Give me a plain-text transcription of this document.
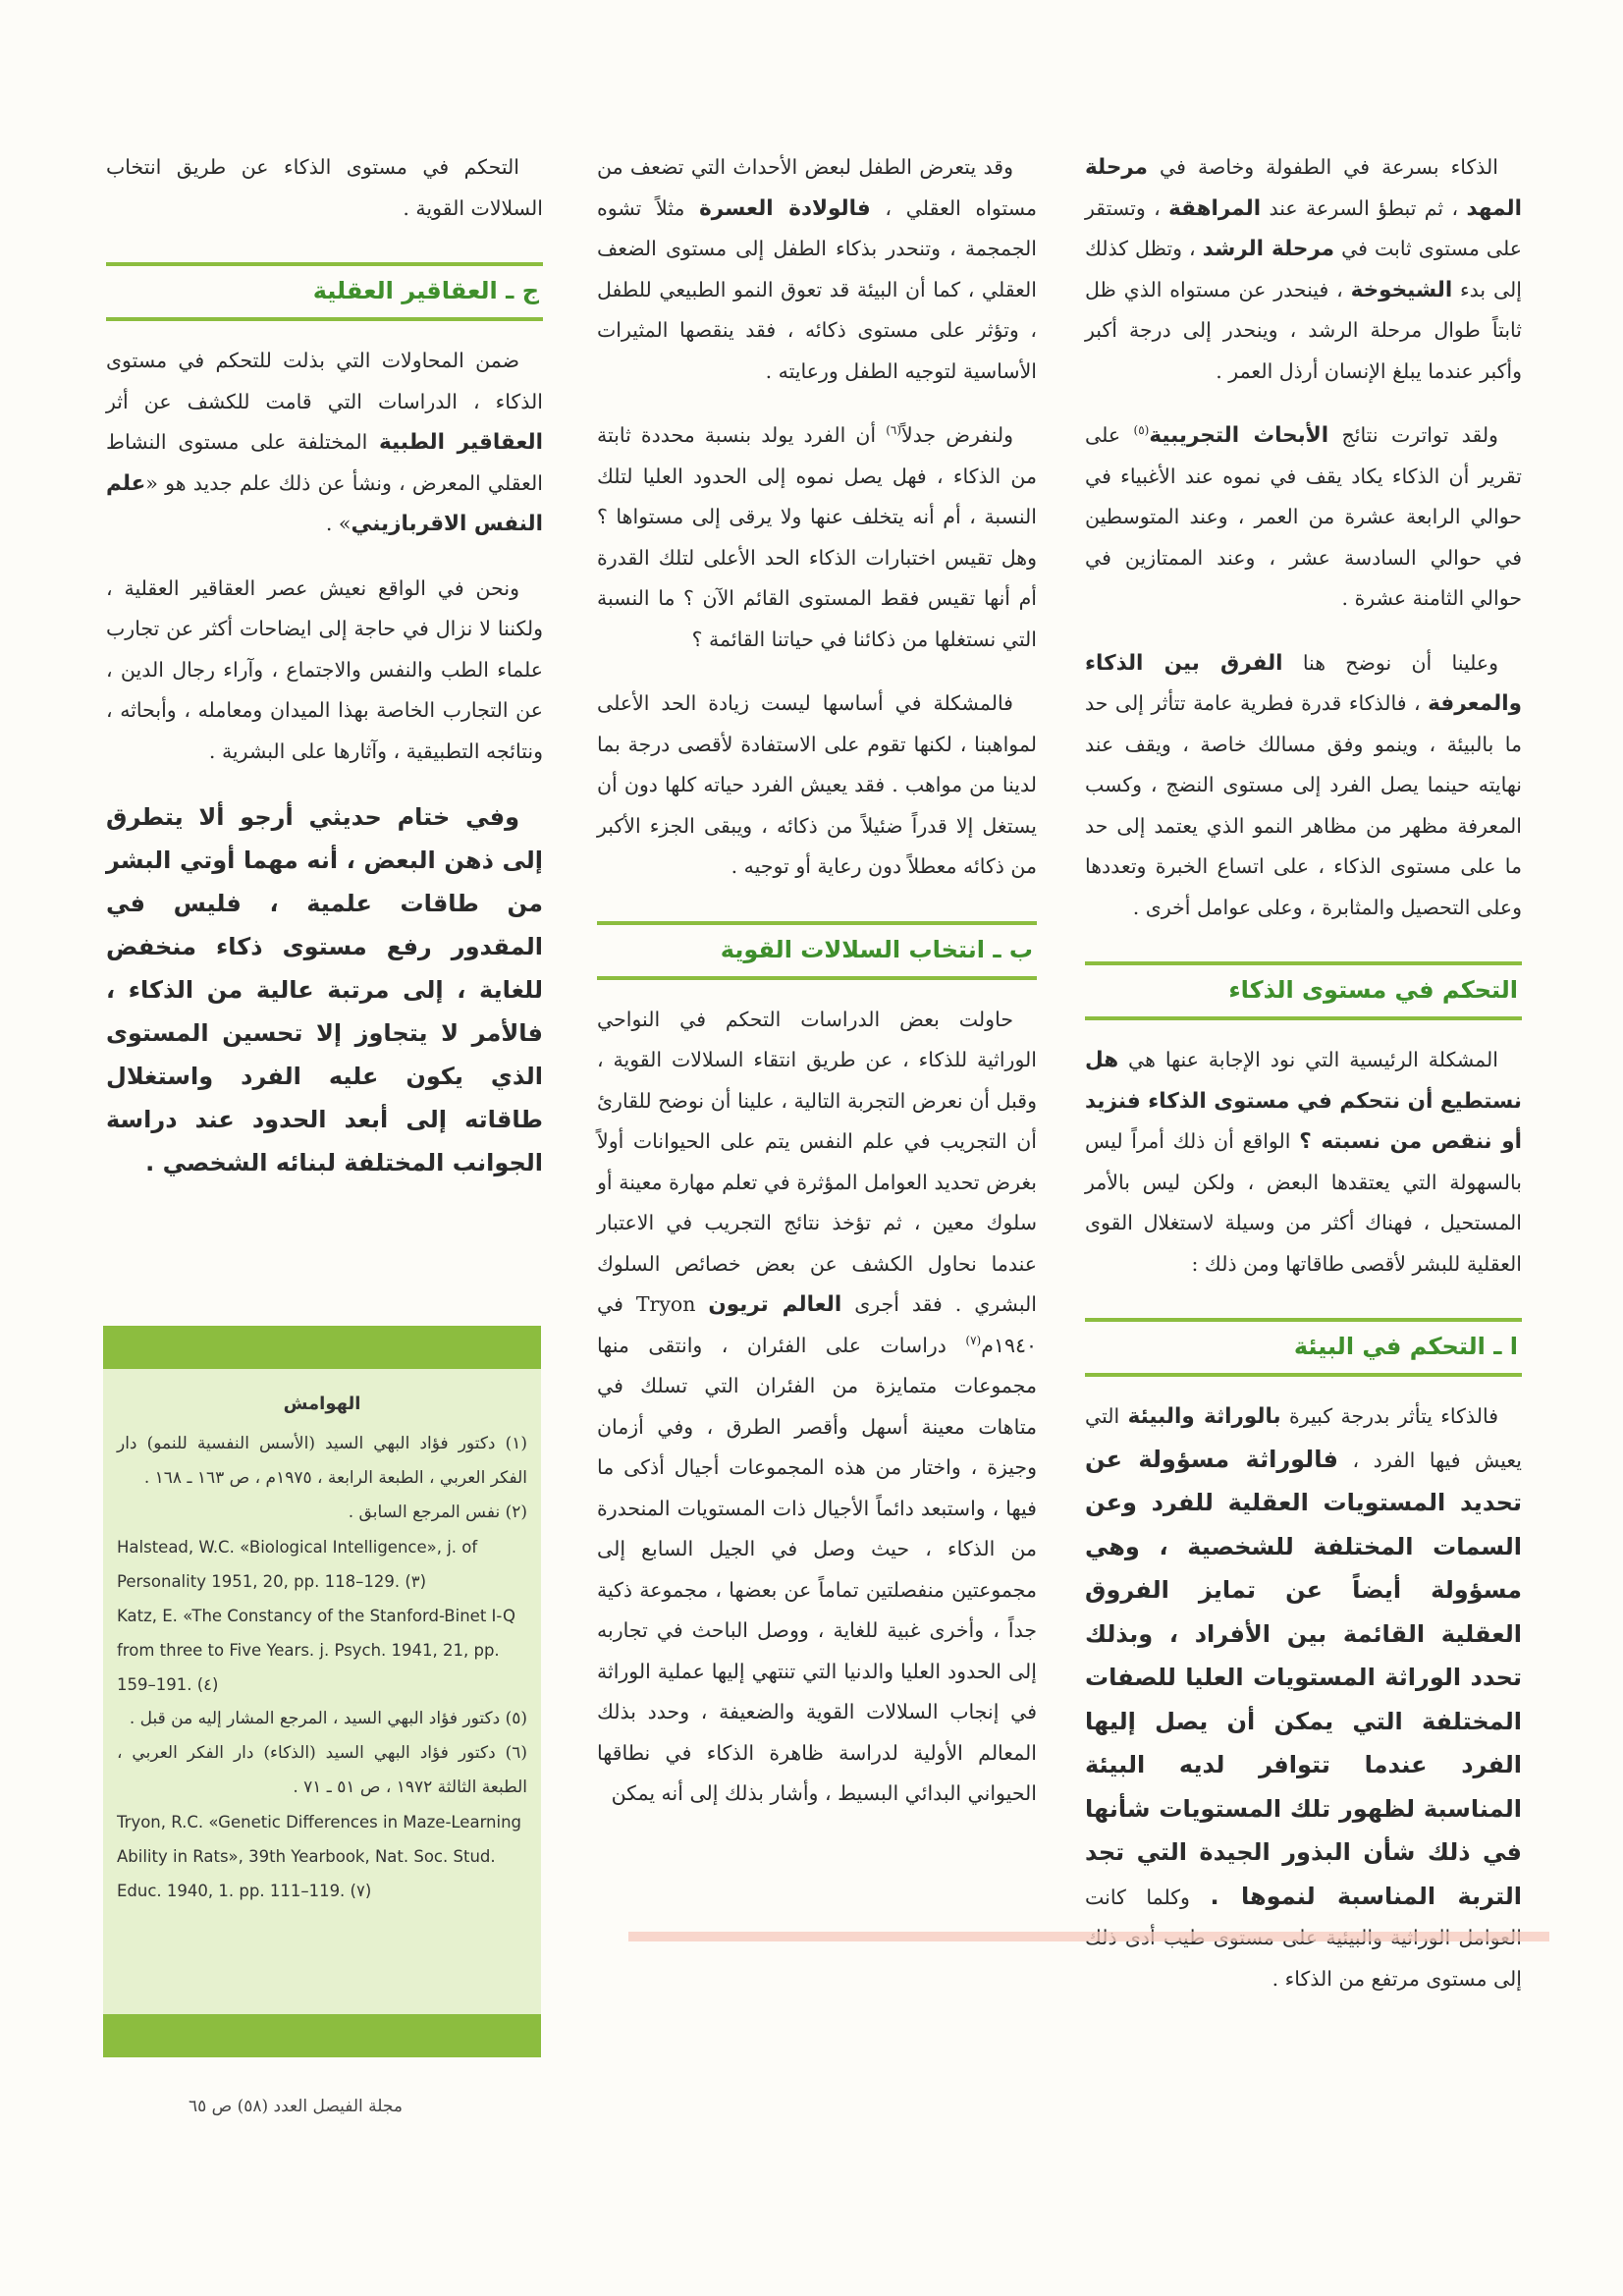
الذكاء بسرعة في الطفولة وخاصة في مرحلة المهد ، ثم تبطؤ السرعة عند المراهقة ، وتستقر على مستوى ثابت في مرحلة الرشد ، وتظل كذلك إلى بدء الشيخوخة ، فينحدر عن مستواه الذي ظل ثابتاً طوال مرحلة الرشد ، وينحدر إلى درجة أكبر وأكبر عندما يبلغ الإنسان أرذل العمر .

ولقد تواترت نتائج الأبحاث التجريبية$^{(٥)}$ على تقرير أن الذكاء يكاد يقف في نموه عند الأغبياء في حوالي الرابعة عشرة من العمر ، وعند المتوسطين في حوالي السادسة عشر ، وعند الممتازين في حوالي الثامنة عشرة .

وعلينا أن نوضح هنا الفرق بين الذكاء والمعرفة ، فالذكاء قدرة فطرية عامة تتأثر إلى حد ما بالبيئة ، وينمو وفق مسالك خاصة ، ويقف عند نهايته حينما يصل الفرد إلى مستوى النضج ، وكسب المعرفة مظهر من مظاهر النمو الذي يعتمد إلى حد ما على مستوى الذكاء ، على اتساع الخبرة وتعددها وعلى التحصيل والمثابرة ، وعلى عوامل أخرى .

التحكم في مستوى الذكاء

المشكلة الرئيسية التي نود الإجابة عنها هي هل نستطيع أن نتحكم في مستوى الذكاء فنزيد أو ننقص من نسبته ؟ الواقع أن ذلك أمراً ليس بالسهولة التي يعتقدها البعض ، ولكن ليس بالأمر المستحيل ، فهناك أكثر من وسيلة لاستغلال القوى العقلية للبشر لأقصى طاقاتها ومن ذلك :

ا ـ التحكم في البيئة

فالذكاء يتأثر بدرجة كبيرة بالوراثة والبيئة التي يعيش فيها الفرد ، فالوراثة مسؤولة عن تحديد المستويات العقلية للفرد وعن السمات المختلفة للشخصية ، وهي مسؤولة أيضاً عن تمايز الفروق العقلية القائمة بين الأفراد ، وبذلك تحدد الوراثة المستويات العليا للصفات المختلفة التي يمكن أن يصل إليها الفرد عندما تتوافر لديه البيئة المناسبة لظهور تلك المستويات شأنها في ذلك شأن البذور الجيدة التي تجد التربة المناسبة لنموها . وكلما كانت إلى مستوى مرتفع من الذكاء .

وقد يتعرض الطفل لبعض الأحداث التي تضعف من مستواه العقلي ، فالولادة العسرة مثلاً تشوه الجمجمة ، وتنحدر بذكاء الطفل إلى مستوى الضعف العقلي ، كما أن البيئة قد تعوق النمو الطبيعي للطفل ، وتؤثر على مستوى ذكائه ، فقد ينقصها المثيرات الأساسية لتوجيه الطفل ورعايته .

ولنفرض جدلاً$^{(٦)}$ أن الفرد يولد بنسبة محددة ثابتة من الذكاء ، فهل يصل نموه إلى الحدود العليا لتلك النسبة ، أم أنه يتخلف عنها ولا يرقى إلى مستواها ؟ وهل تقيس اختبارات الذكاء الحد الأعلى لتلك القدرة أم أنها تقيس فقط المستوى القائم الآن ؟ ما النسبة التي نستغلها من ذكائنا في حياتنا القائمة ؟

فالمشكلة في أساسها ليست زيادة الحد الأعلى لمواهبنا ، لكنها تقوم على الاستفادة لأقصى درجة بما لدينا من مواهب . فقد يعيش الفرد حياته كلها دون أن يستغل إلا قدراً ضئيلاً من ذكائه ، ويبقى الجزء الأكبر من ذكائه معطلاً دون رعاية أو توجيه .

ب ـ انتخاب السلالات القوية

حاولت بعض الدراسات التحكم في النواحي الوراثية للذكاء ، عن طريق انتقاء السلالات القوية ، وقبل أن نعرض التجربة التالية ، علينا أن نوضح للقارئ أن التجريب في علم النفس يتم على الحيوانات أولاً بغرض تحديد العوامل المؤثرة في تعلم مهارة معينة أو سلوك معين ، ثم تؤخذ نتائج التجريب في الاعتبار عندما نحاول الكشف عن بعض خصائص السلوك البشري . فقد أجرى العالم تريون Tryon في ١٩٤٠م$^{(٧)}$ دراسات على الفئران ، وانتقى منها مجموعات متمايزة من الفئران التي تسلك في متاهات معينة أسهل وأقصر الطرق ، وفي أزمان وجيزة ، واختار من هذه المجموعات أجيال أذكى ما فيها ، واستبعد دائماً الأجيال ذات المستويات المنحدرة من الذكاء ، حيث وصل في الجيل السابع إلى مجموعتين منفصلتين تماماً عن بعضها ، مجموعة ذكية جداً ، وأخرى غبية للغاية ، ووصل الباحث في تجاربه إلى الحدود العليا والدنيا التي تنتهي إليها عملية الوراثة في إنجاب السلالات القوية والضعيفة ، وحدد بذلك المعالم الأولية لدراسة ظاهرة الذكاء في نطاقها الحيواني البدائي البسيط ، وأشار بذلك إلى أنه يمكن

التحكم في مستوى الذكاء عن طريق انتخاب السلالات القوية .

ج ـ العقاقير العقلية

ضمن المحاولات التي بذلت للتحكم في مستوى الذكاء ، الدراسات التي قامت للكشف عن أثر العقاقير الطبية المختلفة على مستوى النشاط العقلي المعرض ، ونشأ عن ذلك علم جديد هو «علم النفس الاقربازيني» .

ونحن في الواقع نعيش عصر العقاقير العقلية ، ولكننا لا نزال في حاجة إلى ايضاحات أكثر عن تجارب علماء الطب والنفس والاجتماع ، وآراء رجال الدين ، عن التجارب الخاصة بهذا الميدان ومعامله ، وأبحاثه ، ونتائجه التطبيقية ، وآثارها على البشرية .

وفي ختام حديثي أرجو ألا يتطرق إلى ذهن البعض ، أنه مهما أوتي البشر من طاقات علمية ، فليس في المقدور رفع مستوى ذكاء منخفض للغاية ، إلى مرتبة عالية من الذكاء ، فالأمر لا يتجاوز إلا تحسين المستوى الذي يكون عليه الفرد واستغلال طاقاته إلى أبعد الحدود عند دراسة الجوانب المختلفة لبنائه الشخصي .

الهوامش
(١) دكتور فؤاد البهي السيد (الأسس النفسية للنمو) دار الفكر العربي ، الطبعة الرابعة ، ١٩٧٥م ، ص ١٦٣ ـ ١٦٨ .
(٢) نفس المرجع السابق .
Halstead, W.C. «Biological Intelligence», j. of Personality 1951, 20, pp. 118–129. (٣)
Katz, E. «The Constancy of the Stanford-Binet I-Q from three to Five Years. j. Psych. 1941, 21, pp. 159–191. (٤)
(٥) دكتور فؤاد البهي السيد ، المرجع المشار إليه من قبل .
(٦) دكتور فؤاد البهي السيد (الذكاء) دار الفكر العربي ، الطبعة الثالثة ١٩٧٢ ، ص ٥١ ـ ٧١ .
Tryon, R.C. «Genetic Differences in Maze-Learning Ability in Rats», 39th Yearbook, Nat. Soc. Stud. Educ. 1940, 1. pp. 111–119. (٧)
مجلة الفيصل العدد (٥٨) ص ٦٥
